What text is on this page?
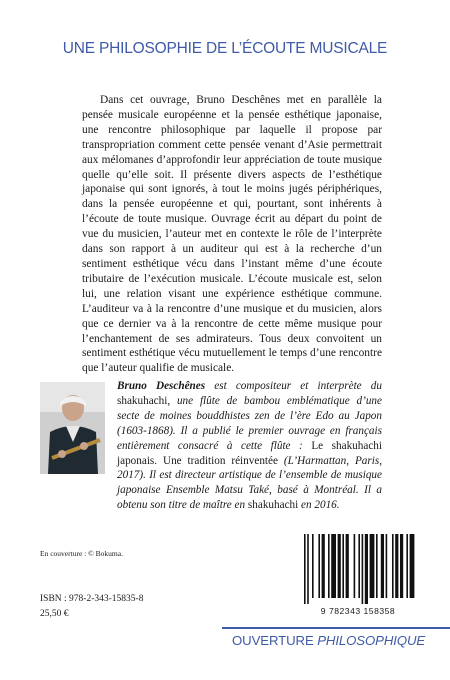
UNE PHILOSOPHIE DE L’ÉCOUTE MUSICALE

Dans cet ouvrage, Bruno Deschênes met en parallèle la pensée musicale européenne et la pensée esthétique japonaise, une rencontre philosophique par laquelle il propose par transpropriation comment cette pensée venant d’Asie permettrait aux mélomanes d’approfondir leur appréciation de toute musique quelle qu’elle soit. Il présente divers aspects de l’esthétique japonaise qui sont ignorés, à tout le moins jugés périphériques, dans la pensée européenne et qui, pourtant, sont inhérents à l’écoute de toute musique. Ouvrage écrit au départ du point de vue du musicien, l’auteur met en contexte le rôle de l’interprète dans son rapport à un auditeur qui est à la recherche d’un sentiment esthétique vécu dans l’instant même d’une écoute tributaire de l’exécution musicale. L’écoute musicale est, selon lui, une relation visant une expérience esthétique commune. L’auditeur va à la rencontre d’une musique et du musicien, alors que ce dernier va à la rencontre de cette même musique pour l’enchantement de ses admirateurs. Tous deux convoitent un sentiment esthétique vécu mutuellement le temps d’une rencontre que l’auteur qualifie de musicale.

Bruno Deschênes est compositeur et interprète du shakuhachi, une flûte de bambou emblématique d’une secte de moines bouddhistes zen de l’ère Edo au Japon (1603-1868). Il a publié le premier ouvrage en français entièrement consacré à cette flûte : Le shakuhachi japonais. Une tradition réinventée (L’Harmattan, Paris, 2017). Il est directeur artistique de l’ensemble de musique japonaise Ensemble Matsu Také, basé à Montréal. Il a obtenu son titre de maître en shakuhachi en 2016.

En couverture : © Bokuma.
ISBN : 978-2-343-15835-8
25,50 €	9 782343 158358
OUVERTURE PHILOSOPHIQUE
